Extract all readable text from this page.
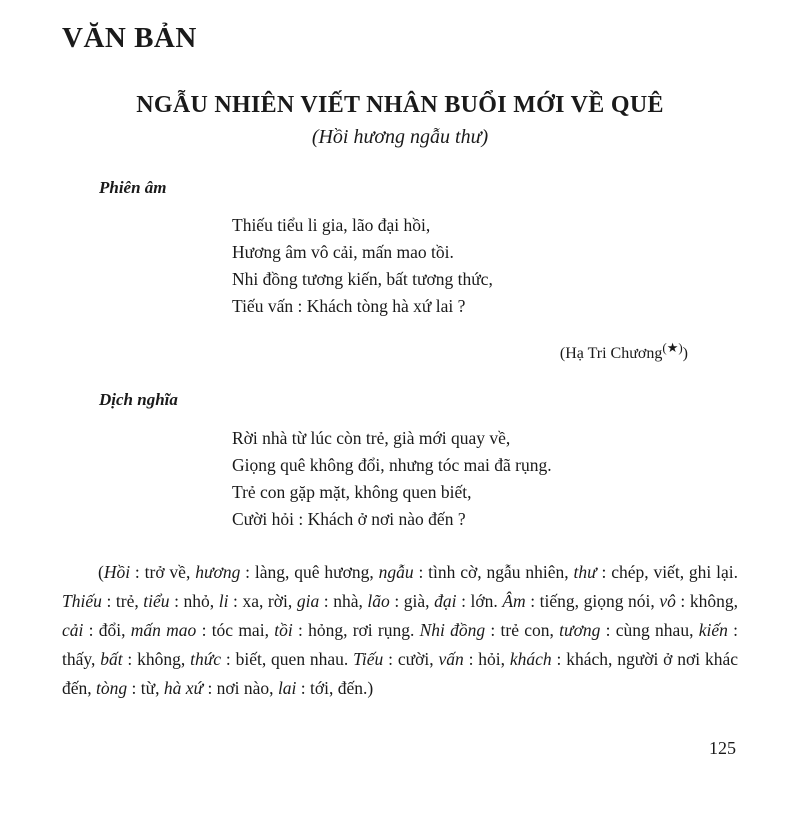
VĂN BẢN
NGẪU NHIÊN VIẾT NHÂN BUỔI MỚI VỀ QUÊ
(Hồi hương ngẫu thư)
Phiên âm
Thiếu tiểu li gia, lão đại hồi,
Hương âm vô cải, mấn mao tồi.
Nhi đồng tương kiến, bất tương thức,
Tiếu vấn : Khách tòng hà xứ lai ?
(Hạ Tri Chương(★))
Dịch nghĩa
Rời nhà từ lúc còn trẻ, già mới quay về,
Giọng quê không đổi, nhưng tóc mai đã rụng.
Trẻ con gặp mặt, không quen biết,
Cười hỏi : Khách ở nơi nào đến ?

(Hồi : trở về, hương : làng, quê hương, ngẫu : tình cờ, ngẫu nhiên, thư : chép, viết, ghi lại. Thiếu : trẻ, tiểu : nhỏ, li : xa, rời, gia : nhà, lão : già, đại : lớn. Âm : tiếng, giọng nói, vô : không, cải : đổi, mấn mao : tóc mai, tồi : hỏng, rơi rụng. Nhi đồng : trẻ con, tương : cùng nhau, kiến : thấy, bất : không, thức : biết, quen nhau. Tiếu : cười, vấn : hỏi, khách : khách, người ở nơi khác đến, tòng : từ, hà xứ : nơi nào, lai : tới, đến.)

125
